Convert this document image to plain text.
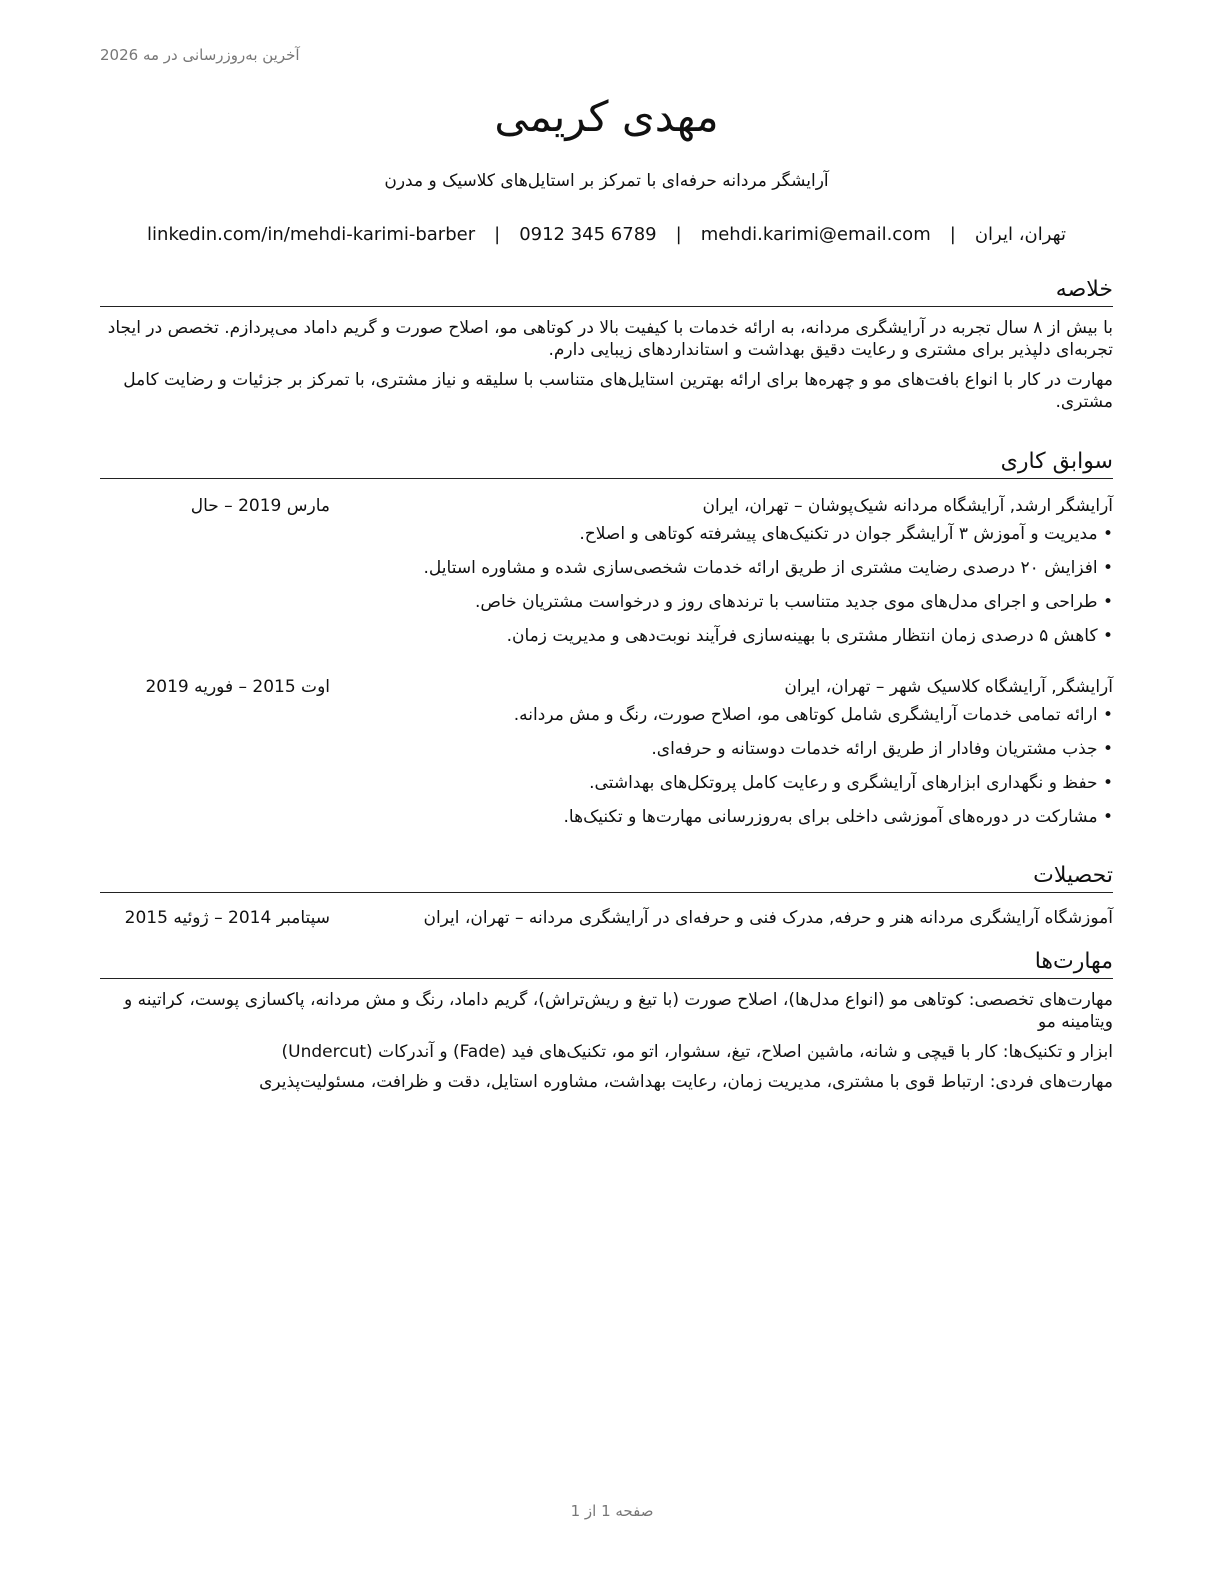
آخرین به‌روزرسانی در مه 2026
مهدی کریمی
آرایشگر مردانه حرفه‌ای با تمرکز بر استایل‌های کلاسیک و مدرن
تهران، ایران
|
mehdi.karimi@email.com
|
0912 345 6789
|
linkedin.com/in/mehdi-karimi-barber
خلاصه

با بیش از ۸ سال تجربه در آرایشگری مردانه، به ارائه خدمات با کیفیت بالا در کوتاهی مو، اصلاح صورت و گریم داماد می‌پردازم. تخصص در ایجاد تجربه‌ای دلپذیر برای مشتری و رعایت دقیق بهداشت و استانداردهای زیبایی دارم.

مهارت در کار با انواع بافت‌های مو و چهره‌ها برای ارائه بهترین استایل‌های متناسب با سلیقه و نیاز مشتری، با تمرکز بر جزئیات و رضایت کامل مشتری.

سوابق کاری
آرایشگر ارشد, آرایشگاه مردانه شیک‌پوشان – تهران، ایران
مارس 2019 – حال
• مدیریت و آموزش ۳ آرایشگر جوان در تکنیک‌های پیشرفته کوتاهی و اصلاح.
• افزایش ۲۰ درصدی رضایت مشتری از طریق ارائه خدمات شخصی‌سازی شده و مشاوره استایل.
• طراحی و اجرای مدل‌های موی جدید متناسب با ترندهای روز و درخواست مشتریان خاص.
• کاهش ۵ درصدی زمان انتظار مشتری با بهینه‌سازی فرآیند نوبت‌دهی و مدیریت زمان.
آرایشگر, آرایشگاه کلاسیک شهر – تهران، ایران
اوت 2015 – فوریه 2019
• ارائه تمامی خدمات آرایشگری شامل کوتاهی مو، اصلاح صورت، رنگ و مش مردانه.
• جذب مشتریان وفادار از طریق ارائه خدمات دوستانه و حرفه‌ای.
• حفظ و نگهداری ابزارهای آرایشگری و رعایت کامل پروتکل‌های بهداشتی.
• مشارکت در دوره‌های آموزشی داخلی برای به‌روزرسانی مهارت‌ها و تکنیک‌ها.
تحصیلات
آموزشگاه آرایشگری مردانه هنر و حرفه, مدرک فنی و حرفه‌ای در آرایشگری مردانه – تهران، ایران
سپتامبر 2014 – ژوئیه 2015
مهارت‌ها

مهارت‌های تخصصی: کوتاهی مو (انواع مدل‌ها)، اصلاح صورت (با تیغ و ریش‌تراش)، گریم داماد، رنگ و مش مردانه، پاکسازی پوست، کراتینه و ویتامینه مو

ابزار و تکنیک‌ها: کار با قیچی و شانه، ماشین اصلاح، تیغ، سشوار، اتو مو، تکنیک‌های فید (Fade) و آندرکات (Undercut)

مهارت‌های فردی: ارتباط قوی با مشتری، مدیریت زمان، رعایت بهداشت، مشاوره استایل، دقت و ظرافت، مسئولیت‌پذیری

صفحه 1 از 1
